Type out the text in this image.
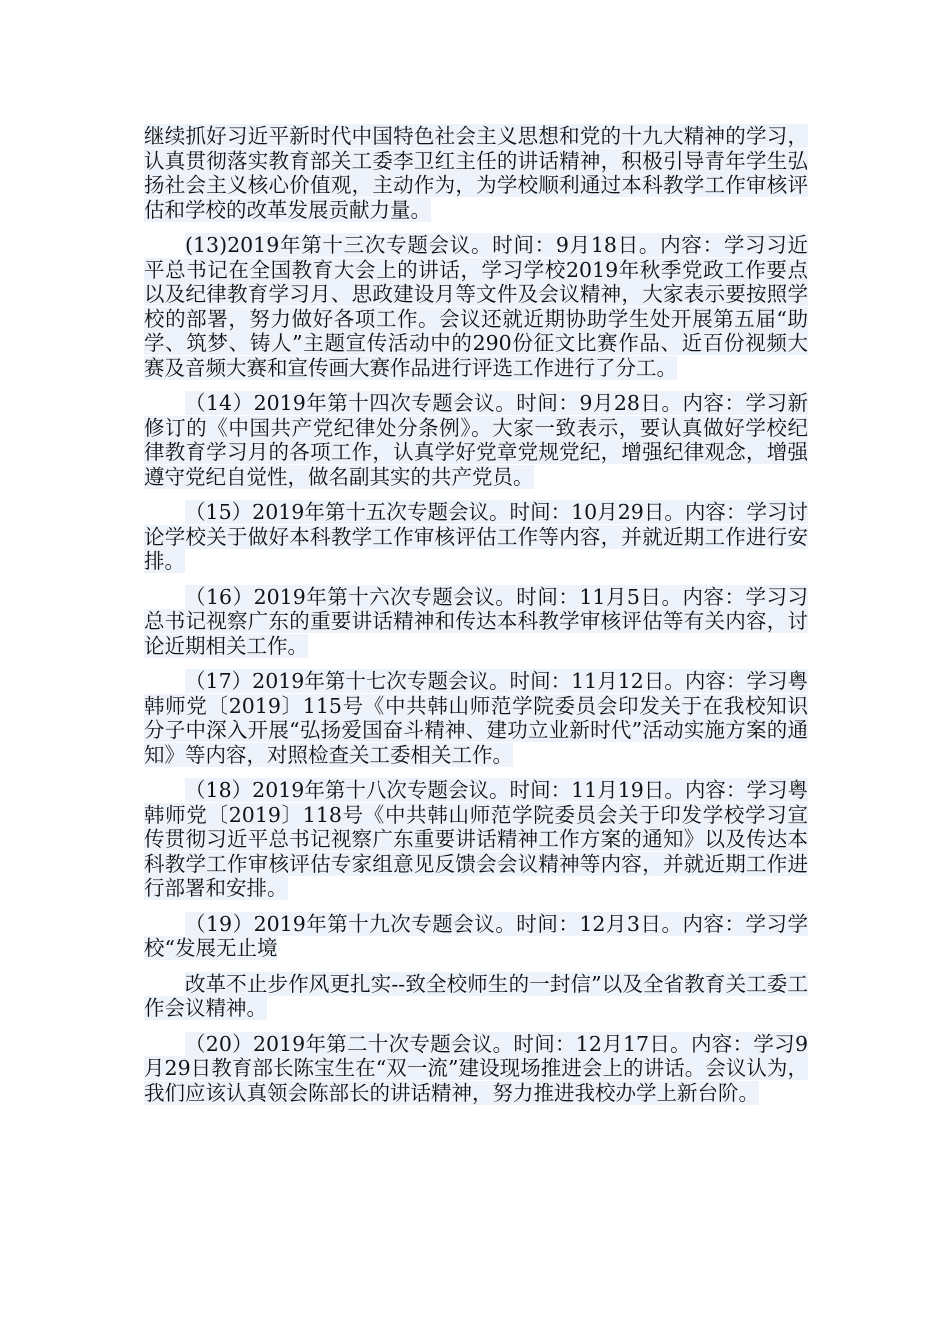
继续抓好习近平新时代中国特色社会主义思想和党的十九大精神的学习，认真贯彻落实教育部关工委李卫红主任的讲话精神，积极引导青年学生弘扬社会主义核心价值观，主动作为，为学校顺利通过本科教学工作审核评估和学校的改革发展贡献力量。

(13)2019年第十三次专题会议。时间：9月18日。内容：学习习近平总书记在全国教育大会上的讲话，学习学校2019年秋季党政工作要点以及纪律教育学习月、思政建设月等文件及会议精神，大家表示要按照学校的部署，努力做好各项工作。会议还就近期协助学生处开展第五届“助学、筑梦、铸人”主题宣传活动中的290份征文比赛作品、近百份视频大赛及音频大赛和宣传画大赛作品进行评选工作进行了分工。

（14）2019年第十四次专题会议。时间：9月28日。内容：学习新修订的《中国共产党纪律处分条例》。大家一致表示，要认真做好学校纪律教育学习月的各项工作，认真学好党章党规党纪，增强纪律观念，增强遵守党纪自觉性，做名副其实的共产党员。

（15）2019年第十五次专题会议。时间：10月29日。内容：学习讨论学校关于做好本科教学工作审核评估工作等内容，并就近期工作进行安排。

（16）2019年第十六次专题会议。时间：11月5日。内容：学习习总书记视察广东的重要讲话精神和传达本科教学审核评估等有关内容，讨论近期相关工作。

（17）2019年第十七次专题会议。时间：11月12日。内容：学习粤韩师党〔2019〕115号《中共韩山师范学院委员会印发关于在我校知识分子中深入开展“弘扬爱国奋斗精神、建功立业新时代”活动实施方案的通知》等内容，对照检查关工委相关工作。

（18）2019年第十八次专题会议。时间：11月19日。内容：学习粤韩师党〔2019〕118号《中共韩山师范学院委员会关于印发学校学习宣传贯彻习近平总书记视察广东重要讲话精神工作方案的通知》以及传达本科教学工作审核评估专家组意见反馈会会议精神等内容，并就近期工作进行部署和安排。

（19）2019年第十九次专题会议。时间：12月3日。内容：学习学校“发展无止境

改革不止步作风更扎实--致全校师生的一封信”以及全省教育关工委工作会议精神。

（20）2019年第二十次专题会议。时间：12月17日。内容：学习9月29日教育部长陈宝生在“双一流”建设现场推进会上的讲话。会议认为，我们应该认真领会陈部长的讲话精神，努力推进我校办学上新台阶。
